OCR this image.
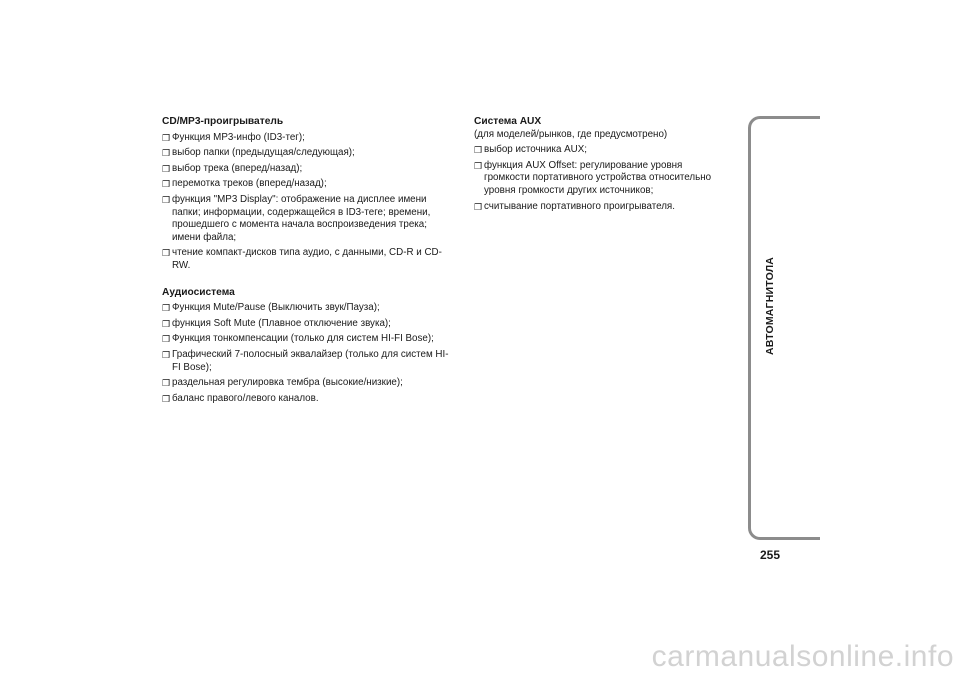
CD/MP3-проигрыватель

❒ Функция MP3-инфо (ID3-тег);
❒ выбор папки (предыдущая/следующая);
❒ выбор трека (вперед/назад);
❒ перемотка треков (вперед/назад);
❒ функция "MP3 Display": отображение на дисплее имени папки; информации, содержащейся в ID3-теге; времени, прошедшего с момента начала воспроизведения трека; имени файла;
❒ чтение компакт-дисков типа аудио, с данными, CD-R и CD-RW.

Аудиосистема

❒ Функция Mute/Pause (Выключить звук/Пауза);
❒ функция Soft Mute (Плавное отключение звука);
❒ Функция тонкомпенсации (только для систем HI-FI Bose);
❒ Графический 7-полосный эквалайзер (только для систем HI-FI Bose);
❒ раздельная регулировка тембра (высокие/низкие);
❒ баланс правого/левого каналов.

Система AUX

(для моделей/рынков, где предусмотрено)

❒ выбор источника AUX;
❒ функция AUX Offset: регулирование уровня громкости портативного устройства относительно уровня громкости других источников;
❒ считывание портативного проигрывателя.
АВТОМАГНИТОЛА
255
carmanualsonline.info
